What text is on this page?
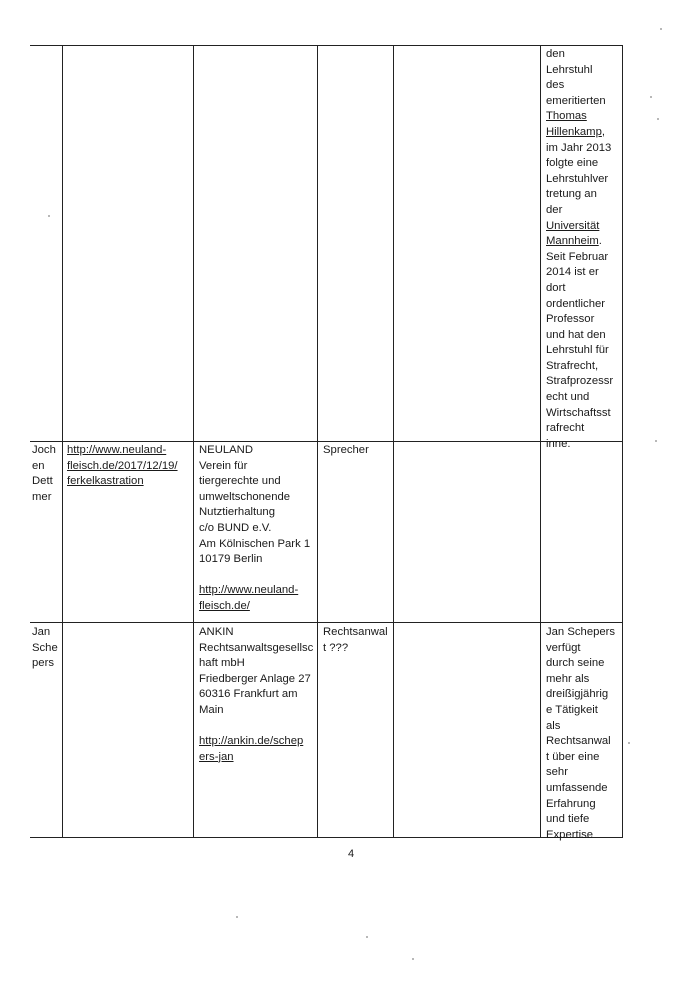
den
Lehrstuhl
des
emeritierten
Thomas
Hillenkamp,
im Jahr 2013
folgte eine
Lehrstuhlver
tretung an
der
Universität
Mannheim.
Seit Februar
2014 ist er
dort
ordentlicher
Professor
und hat den
Lehrstuhl für
Strafrecht,
Strafprozessr
echt und
Wirtschaftsst
rafrecht
inne.
Joch
en
Dett
mer
http://www.neuland-
fleisch.de/2017/12/19/
ferkelkastration
NEULAND
Verein für
tiergerechte und
umweltschonende
Nutztierhaltung
c/o BUND e.V.
Am Kölnischen Park 1
10179 Berlin

http://www.neuland-
fleisch.de/
Sprecher
Jan
Sche
pers
ANKIN
Rechtsanwaltsgesellsc
haft mbH
Friedberger Anlage 27
60316 Frankfurt am
Main

http://ankin.de/schep
ers-jan
Rechtsanwal
t ???
Jan Schepers
verfügt
durch seine
mehr als
dreißigjährig
e Tätigkeit
als
Rechtsanwal
t über eine
sehr
umfassende
Erfahrung
und tiefe
Expertise
4
